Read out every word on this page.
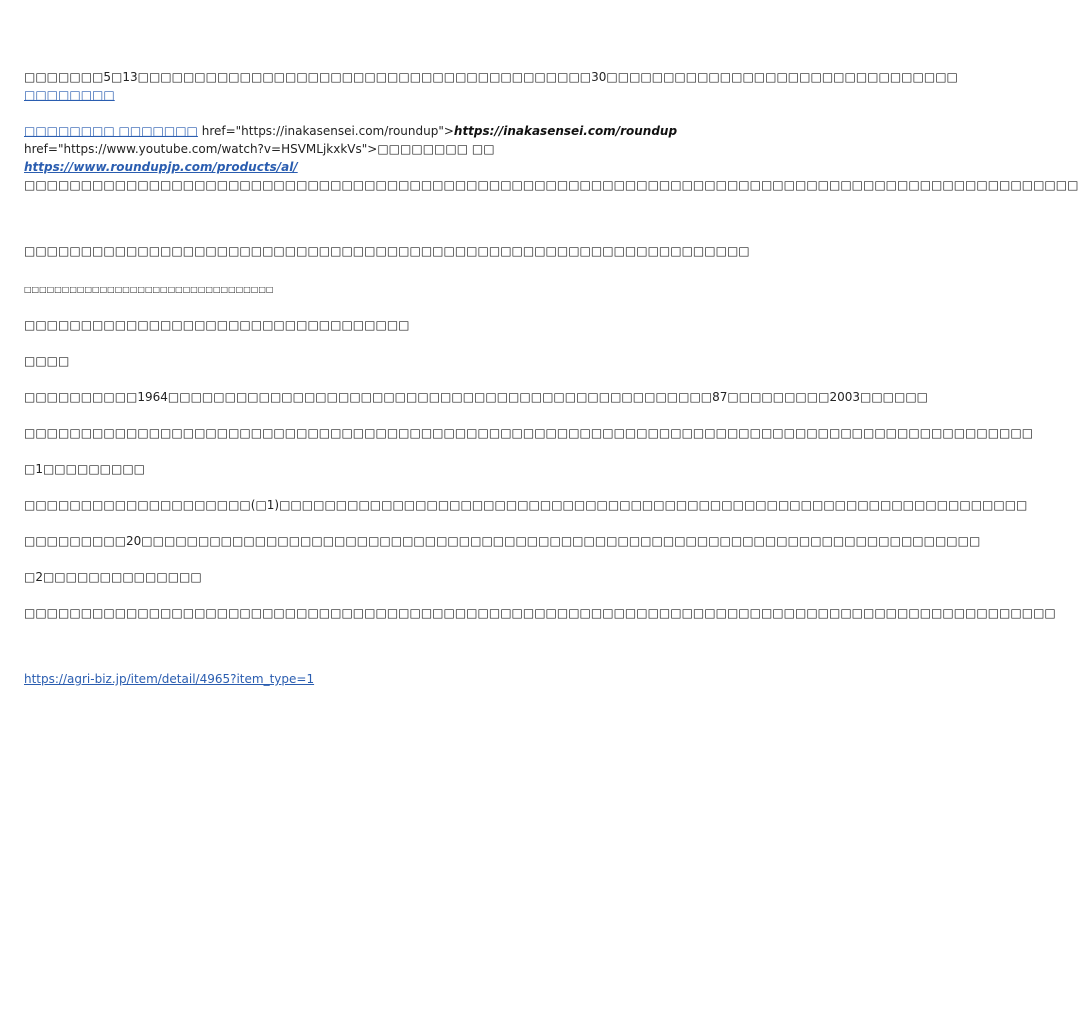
□□□□□□□5□13□□□□□□□□□□□□□□□□□□□□□□□□□□□□□□□□□□□□□□□□30□□□□□□□□□□□□□□□□□□□□□□□□□□□□□□□
□□□□□□□□
□□□□□□□□ □□□□□□□ href="https://inakasensei.com/roundup">https://inakasensei.com/roundup
href="https://www.youtube.com/watch?v=HSVMLjkxkVs">□□□□□□□□ □□
https://www.roundupjp.com/products/al/
□□□□□□□□□□□□□□□□□□□□□□□□□□□□□□□□□□□□□□□□□□□□□□□□□□□□□□□□□□□□□□□□□□□□□□□□□□□□□□□□□□□□□□□□□□□□□
□□□□□□□□□□□□□□□□□□□□□□□□□□□□□□□□□□□□□□□□□□□□□□□□□□□□□□□□□□□□□□□□
□□□□□□□□□□□□□□□□□□□□□□□□□□□□□□□□□
□□□□□□□□□□□□□□□□□□□□□□□□□□□□□□□□□□
□□□□
□□□□□□□□□□1964□□□□□□□□□□□□□□□□□□□□□□□□□□□□□□□□□□□□□□□□□□□□□□□□87□□□□□□□□□2003□□□□□□
□□□□□□□□□□□□□□□□□□□□□□□□□□□□□□□□□□□□□□□□□□□□□□□□□□□□□□□□□□□□□□□□□□□□□□□□□□□□□□□□□□□□□□□□□
□1□□□□□□□□□
□□□□□□□□□□□□□□□□□□□□(□1)□□□□□□□□□□□□□□□□□□□□□□□□□□□□□□□□□□□□□□□□□□□□□□□□□□□□□□□□□□□□□□□□□□
□□□□□□□□□20□□□□□□□□□□□□□□□□□□□□□□□□□□□□□□□□□□□□□□□□□□□□□□□□□□□□□□□□□□□□□□□□□□□□□□□□□□
□2□□□□□□□□□□□□□□
□□□□□□□□□□□□□□□□□□□□□□□□□□□□□□□□□□□□□□□□□□□□□□□□□□□□□□□□□□□□□□□□□□□□□□□□□□□□□□□□□□□□□□□□□□□
https://agri-biz.jp/item/detail/4965?item_type=1
